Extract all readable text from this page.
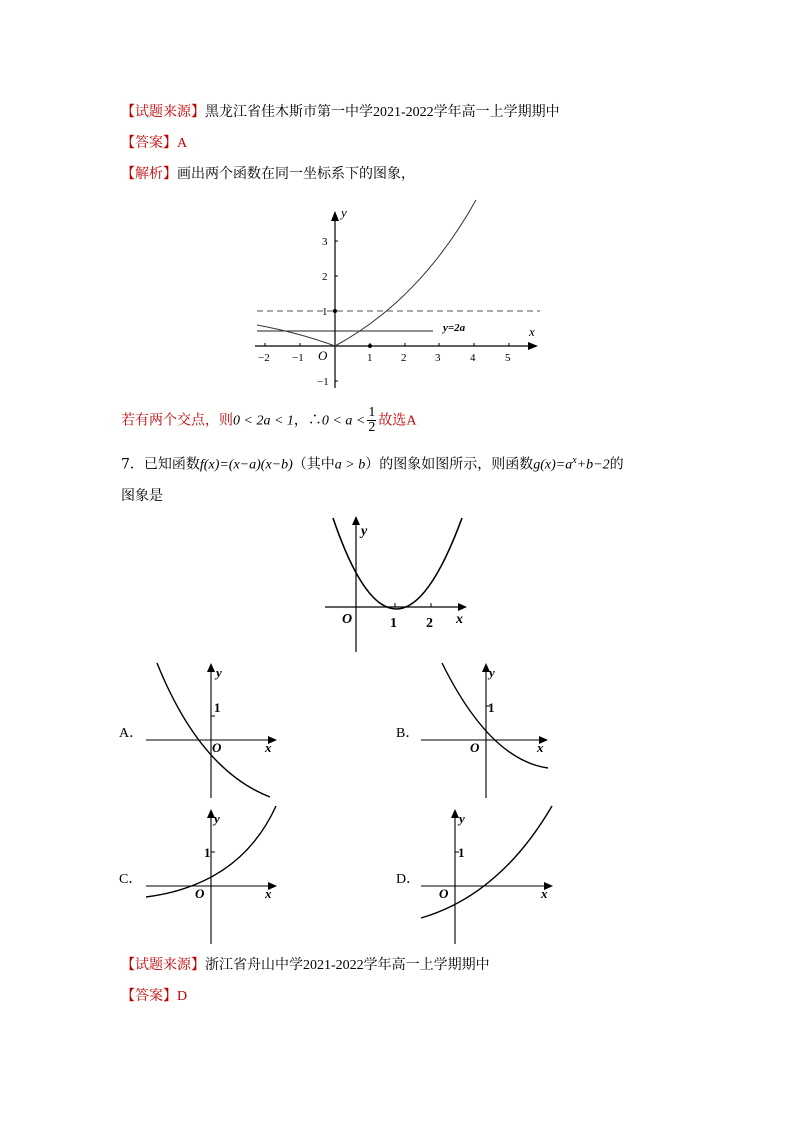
【试题来源】黑龙江省佳木斯市第一中学2021-2022学年高一上学期期中
【答案】A
【解析】画出两个函数在同一坐标系下的图象，
y
x
O
y=2a
−2 −1	1	2	3	4	5
3
2
1
−1
若有两个交点，则0 < 2a < 1，∴0 < $a < \frac{1}{2}$ 故选A
7．已知函数f(x)=(x−a)(x−b)（其中a > b）的图象如图所示，则函数$g(x)=a^x+b-2$的
图象是
y
x
O	1 2
A．
y
x
O
1
B．
y
x
O
1
C．
y
x
O
1
D．
y
x
O
1
【试题来源】浙江省舟山中学2021-2022学年高一上学期期中
【答案】D
